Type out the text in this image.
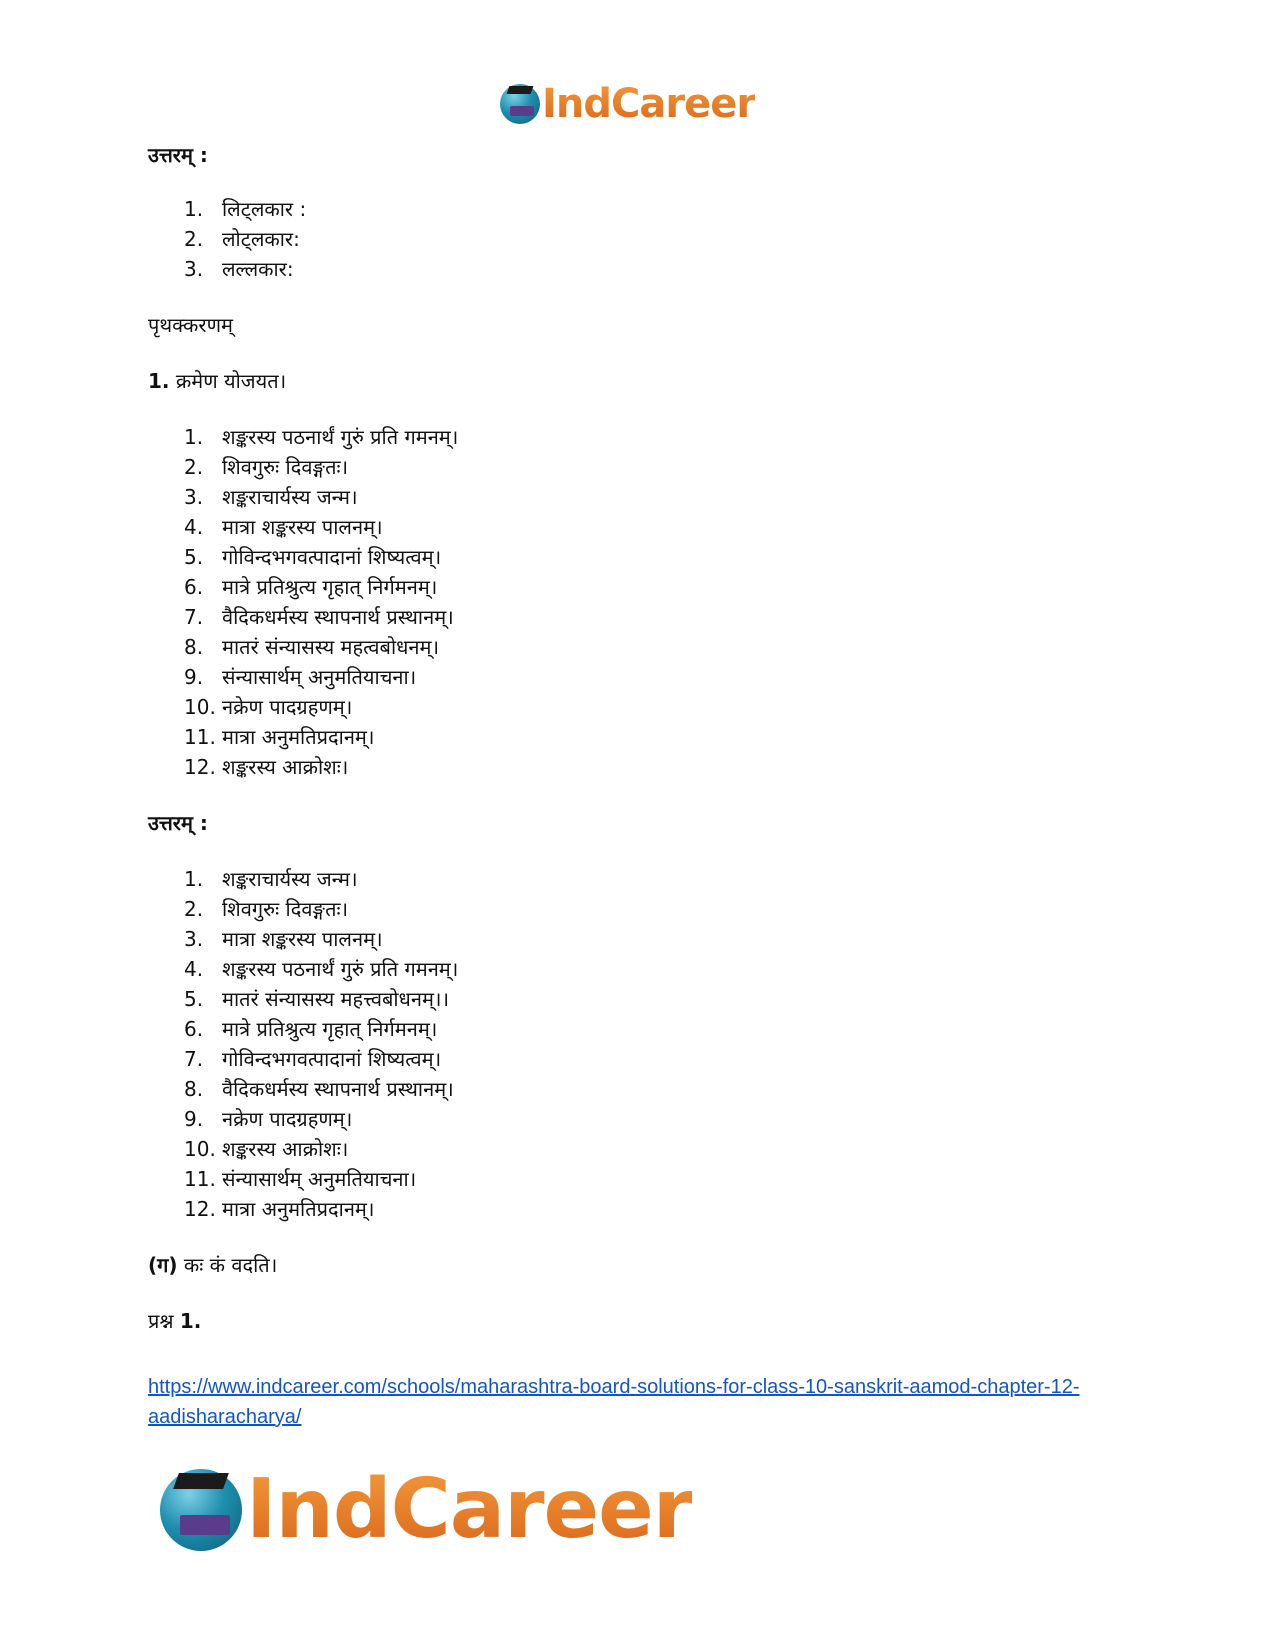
IndCareer

उत्तरम् :

1. लिट्लकार :
2. लोट्लकार:
3. लल्लकार:

पृथक्करणम्

1. क्रमेण योजयत।

1. शङ्करस्य पठनार्थं गुरुं प्रति गमनम्।
2. शिवगुरुः दिवङ्गतः।
3. शङ्कराचार्यस्य जन्म।
4. मात्रा शङ्करस्य पालनम्।
5. गोविन्दभगवत्पादानां शिष्यत्वम्।
6. मात्रे प्रतिश्रुत्य गृहात् निर्गमनम्।
7. वैदिकधर्मस्य स्थापनार्थ प्रस्थानम्।
8. मातरं संन्यासस्य महत्वबोधनम्।
9. संन्यासार्थम् अनुमतियाचना।
10. नक्रेण पादग्रहणम्।
11. मात्रा अनुमतिप्रदानम्।
12. शङ्करस्य आक्रोशः।

उत्तरम् :

1. शङ्कराचार्यस्य जन्म।
2. शिवगुरुः दिवङ्गतः।
3. मात्रा शङ्करस्य पालनम्।
4. शङ्करस्य पठनार्थं गुरुं प्रति गमनम्।
5. मातरं संन्यासस्य महत्त्वबोधनम्।।
6. मात्रे प्रतिश्रुत्य गृहात् निर्गमनम्।
7. गोविन्दभगवत्पादानां शिष्यत्वम्।
8. वैदिकधर्मस्य स्थापनार्थ प्रस्थानम्।
9. नक्रेण पादग्रहणम्।
10. शङ्करस्य आक्रोशः।
11. संन्यासार्थम् अनुमतियाचना।
12. मात्रा अनुमतिप्रदानम्।

(ग) कः कं वदति।

प्रश्न 1.

https://www.indcareer.com/schools/maharashtra-board-solutions-for-class-10-sanskrit-aamod-chapter-12-aadisharacharya/
IndCareer
